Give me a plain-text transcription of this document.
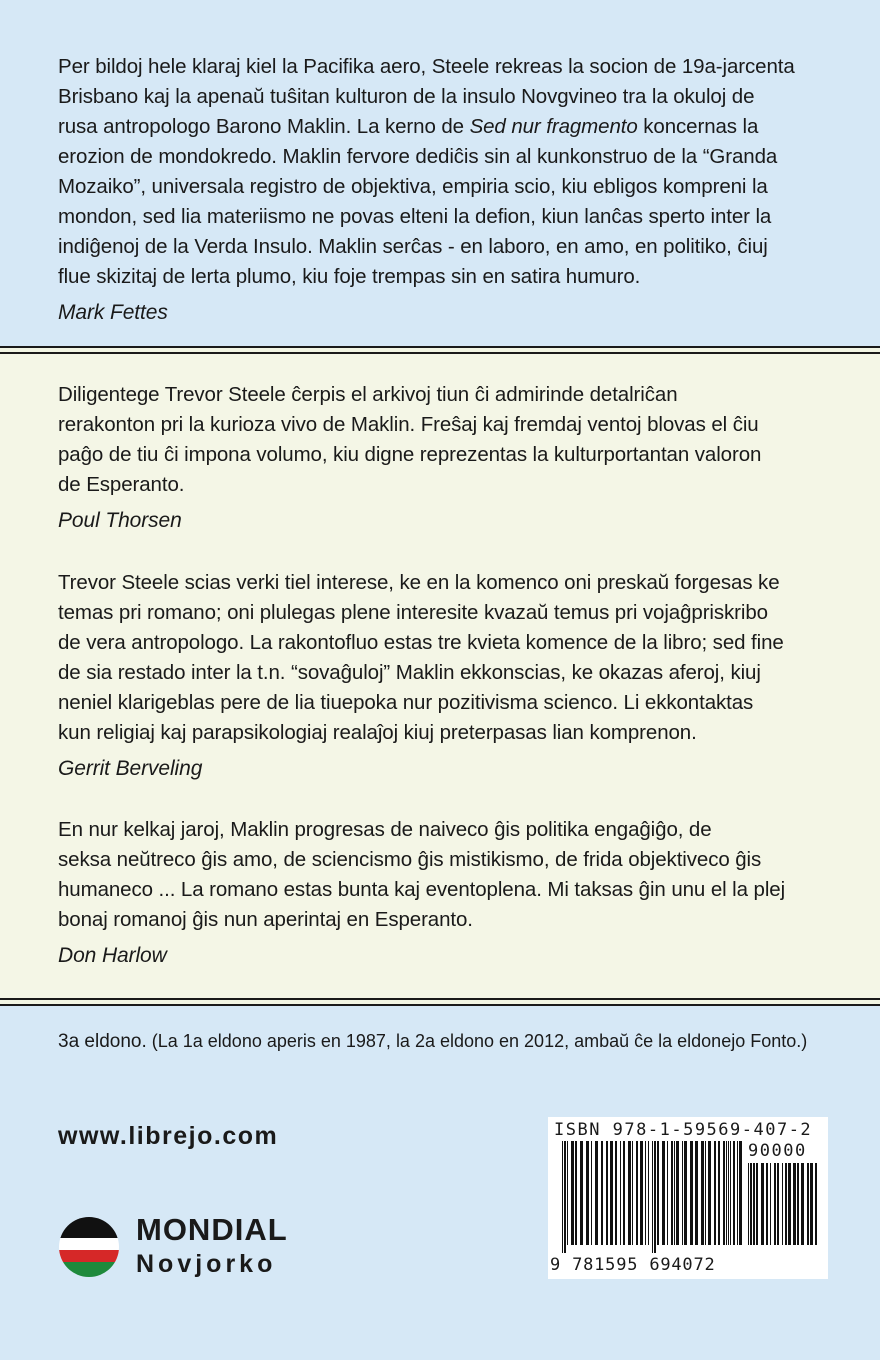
Per bildoj hele klaraj kiel la Pacifika aero, Steele rekreas la socion de 19a-jarcenta
Brisbano kaj la apenaŭ tuŝitan kulturon de la insulo Novgvineo tra la okuloj de
rusa antropologo Barono Maklin. La kerno de Sed nur fragmento koncernas la
erozion de mondokredo. Maklin fervore dediĉis sin al kunkonstruo de la “Granda
Mozaiko”, universala registro de objektiva, empiria scio, kiu ebligos kompreni la
mondon, sed lia materiismo ne povas elteni la defion, kiun lanĉas sperto inter la
indiĝenoj de la Verda Insulo. Maklin serĉas - en laboro, en amo, en politiko, ĉiuj
flue skizitaj de lerta plumo, kiu foje trempas sin en satira humuro.

Mark Fettes

Diligentege Trevor Steele ĉerpis el arkivoj tiun ĉi admirinde detalriĉan
rerakonton pri la kurioza vivo de Maklin. Freŝaj kaj fremdaj ventoj blovas el ĉiu
paĝo de tiu ĉi impona volumo, kiu digne reprezentas la kulturportantan valoron
de Esperanto.

Poul Thorsen

Trevor Steele scias verki tiel interese, ke en la komenco oni preskaŭ forgesas ke
temas pri romano; oni plulegas plene interesite kvazaŭ temus pri vojaĝpriskribo
de vera antropologo. La rakontofluo estas tre kvieta komence de la libro; sed fine
de sia restado inter la t.n. “sovaĝuloj” Maklin ekkonscias, ke okazas aferoj, kiuj
neniel klarigeblas pere de lia tiuepoka nur pozitivisma scienco. Li ekkontaktas
kun religiaj kaj parapsikologiaj realaĵoj kiuj preterpasas lian komprenon.

Gerrit Berveling

En nur kelkaj jaroj, Maklin progresas de naiveco ĝis politika engaĝiĝo, de
seksa neŭtreco ĝis amo, de sciencismo ĝis mistikismo, de frida objektiveco ĝis
humaneco ... La romano estas bunta kaj eventoplena. Mi taksas ĝin unu el la plej
bonaj romanoj ĝis nun aperintaj en Esperanto.

Don Harlow
3a eldono. (La 1a eldono aperis en 1987, la 2a eldono en 2012, ambaŭ ĉe la eldonejo Fonto.)
www.librejo.com
MONDIAL
Novjorko
ISBN 978-1-59569-407-2
90000
9 781595 694072
